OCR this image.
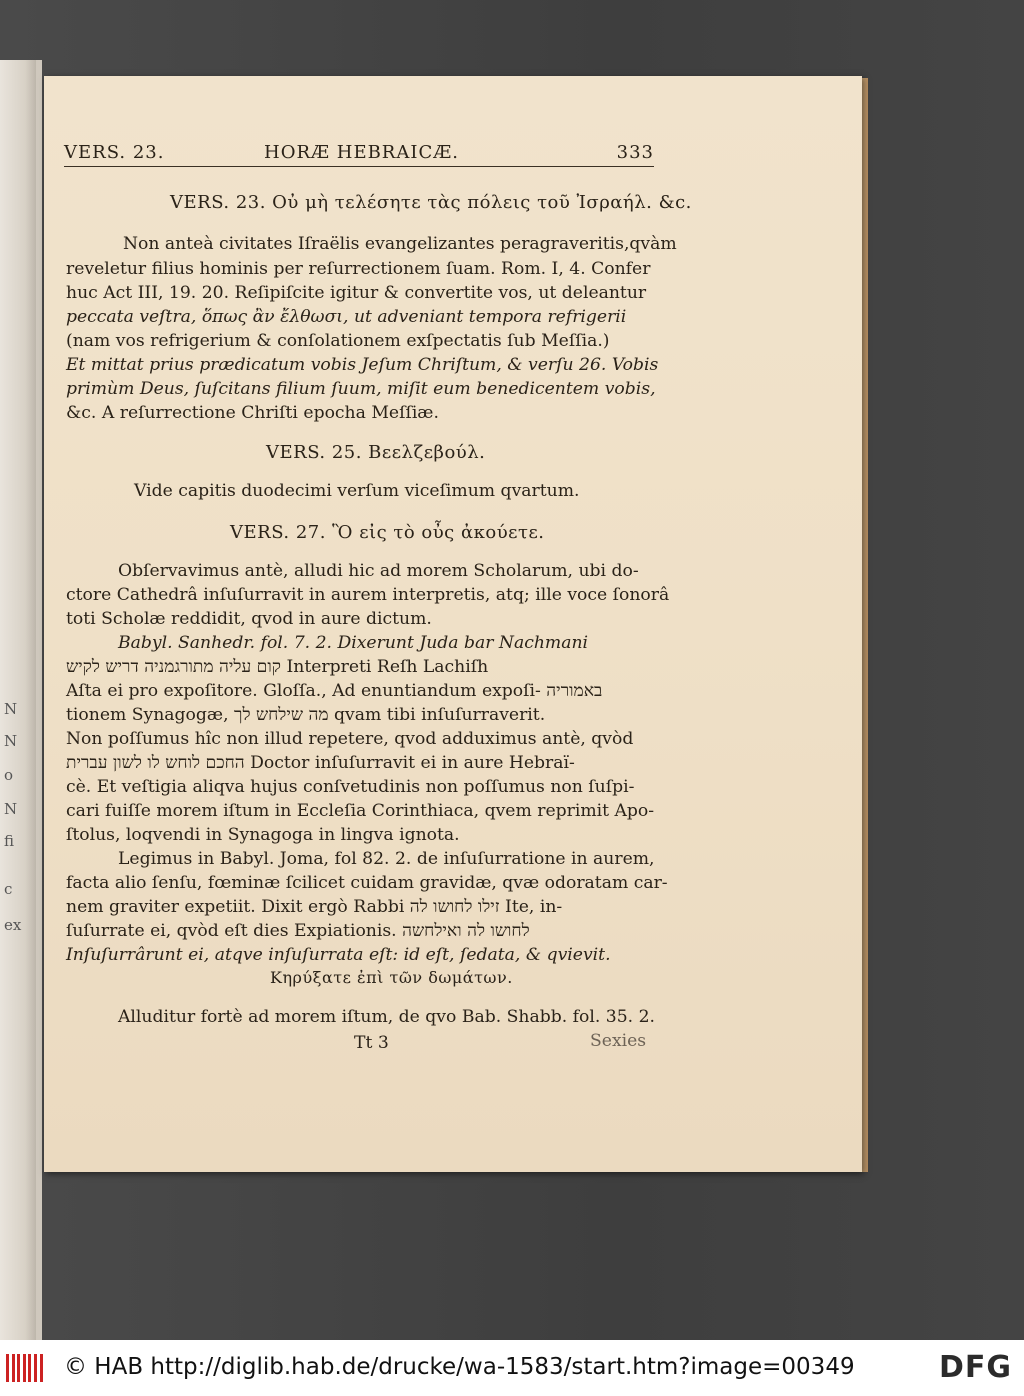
N
N
o
N
fi
c
ex
VERS. 23.	HORÆ HEBRAICÆ.	333
VERS. 23. Οὐ μὴ τελέσητε τὰς πόλεις τοῦ Ἰσραήλ. &c.
Non anteà civitates Iſraëlis evangelizantes peragraveritis,qvàm
reveletur filius hominis per reſurrectionem ſuam. Rom. I, 4. Confer
huc Act III, 19. 20. Reſipiſcite igitur & convertite vos, ut deleantur
peccata veſtra, ὅπως ἂν ἔλθωσι, ut adveniant tempora refrigerii
(nam vos refrigerium & conſolationem exſpectatis ſub Meſſia.)
Et mittat prius prædicatum vobis Jeſum Chriſtum, & verſu 26. Vobis
primùm Deus, ſuſcitans filium ſuum, miſit eum benedicentem vobis,
&c. A reſurrectione Chriſti epocha Meſſiæ.
VERS. 25. Βεελζεβούλ.
Vide capitis duodecimi verſum viceſimum qvartum.
VERS. 27. Ὃ εἰς τὸ οὖς ἀκούετε.
Obſervavimus antè, alludi hic ad morem Scholarum, ubi do-
ctore Cathedrâ inſuſurravit in aurem interpretis, atq; ille voce ſonorâ
toti Scholæ reddidit, qvod in aure dictum.
Babyl. Sanhedr. fol. 7. 2. Dixerunt Juda bar Nachmani
קום עליה מתורגמניה דריש לקיש Interpreti Reſh Lachiſh
Aſta ei pro expoſitore. Gloſſa., Ad enuntiandum expoſi- באמוריה
tionem Synagogæ, מה שילחש לך qvam tibi inſuſurraverit.
Non poſſumus hîc non illud repetere, qvod adduximus antè, qvòd
החכם לוחש לו לשון עברית Doctor inſuſurravit ei in aure Hebraï-
cè. Et veſtigia aliqva hujus conſvetudinis non poſſumus non ſuſpi-
cari fuiſſe morem iſtum in Eccleſia Corinthiaca, qvem reprimit Apo-
ſtolus, loqvendi in Synagoga in lingva ignota.
Legimus in Babyl. Joma, fol 82. 2. de inſuſurratione in aurem,
facta alio ſenſu, fœminæ ſcilicet cuidam gravidæ, qvæ odoratam car-
nem graviter expetiit. Dixit ergò Rabbi זילו לחושו לה Ite, in-
ſuſurrate ei, qvòd eſt dies Expiationis. לחושו לה ואילחשה
Inſuſurrârunt ei, atqve inſuſurrata eſt: id eſt, ſedata, & qvievit.
Κηρύξατε ἐπὶ τῶν δωμάτων.
Alluditur fortè ad morem iſtum, de qvo Bab. Shabb. fol. 35. 2.
Tt 3	Sexies
© HAB http://diglib.hab.de/drucke/wa-1583/start.htm?image=00349	DFG
